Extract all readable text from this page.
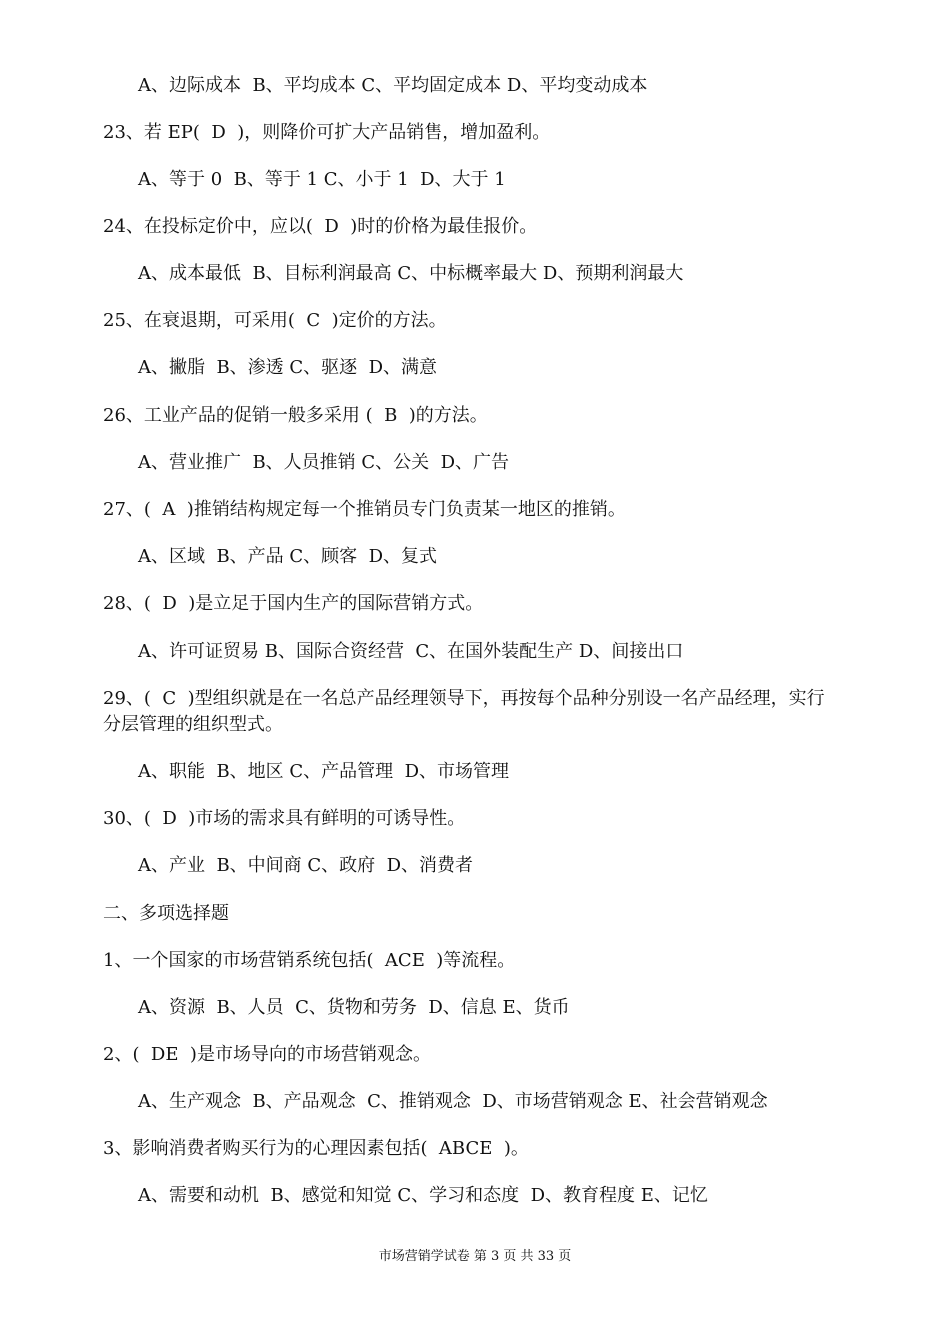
A、边际成本  B、平均成本 C、平均固定成本 D、平均变动成本
23、若 EP(  D  )，则降价可扩大产品销售，增加盈利。
A、等于 0  B、等于 1 C、小于 1  D、大于 1
24、在投标定价中，应以(  D  )时的价格为最佳报价。
A、成本最低  B、目标利润最高 C、中标概率最大 D、预期利润最大
25、在衰退期，可采用(  C  )定价的方法。
A、撇脂  B、渗透 C、驱逐  D、满意
26、工业产品的促销一般多采用 (  B  )的方法。
A、营业推广  B、人员推销 C、公关  D、广告
27、(  A  )推销结构规定每一个推销员专门负责某一地区的推销。
A、区域  B、产品 C、顾客  D、复式
28、(  D  )是立足于国内生产的国际营销方式。
A、许可证贸易 B、国际合资经营  C、在国外装配生产 D、间接出口
29、(  C  )型组织就是在一名总产品经理领导下，再按每个品种分别设一名产品经理，实行
分层管理的组织型式。
A、职能  B、地区 C、产品管理  D、市场管理
30、(  D  )市场的需求具有鲜明的可诱导性。
A、产业  B、中间商 C、政府  D、消费者
二、多项选择题
1、一个国家的市场营销系统包括(  ACE  )等流程。
A、资源  B、人员  C、货物和劳务  D、信息 E、货币
2、(  DE  )是市场导向的市场营销观念。
A、生产观念  B、产品观念  C、推销观念  D、市场营销观念 E、社会营销观念
3、影响消费者购买行为的心理因素包括(  ABCE  )。
A、需要和动机  B、感觉和知觉 C、学习和态度  D、教育程度 E、记忆
市场营销学试卷 第 3 页 共 33 页
